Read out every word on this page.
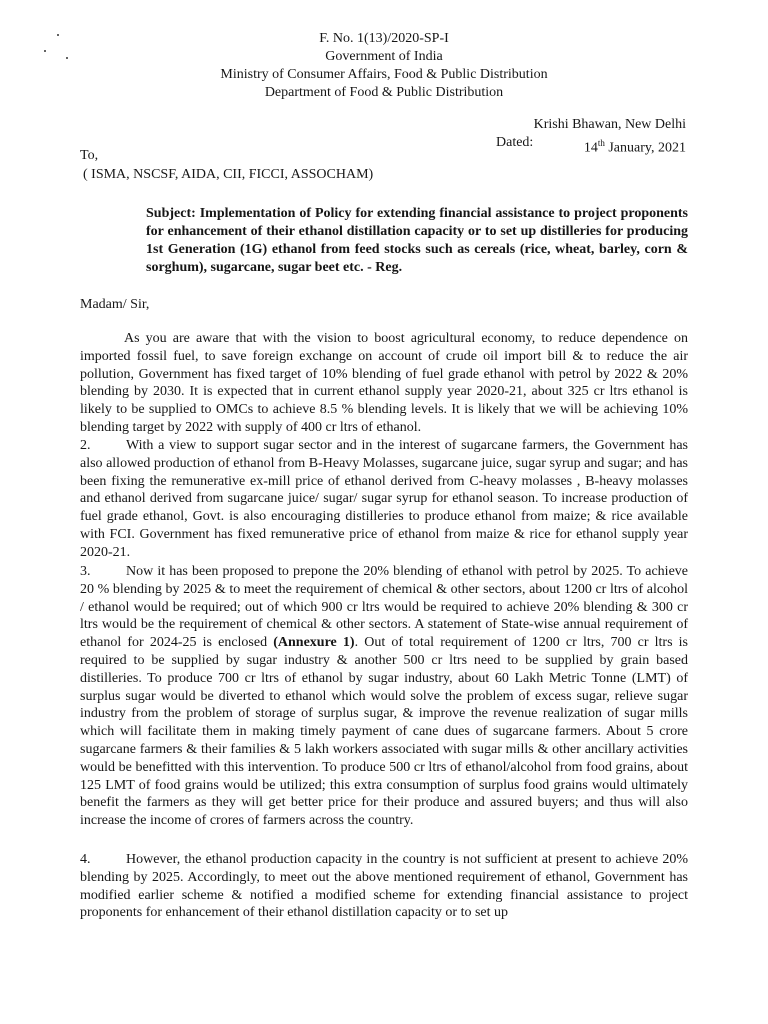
F. No. 1(13)/2020-SP-I
Government of India
Ministry of Consumer Affairs, Food & Public Distribution
Department of Food & Public Distribution
Krishi Bhawan, New Delhi
Dated:	14th January, 2021
To,
( ISMA, NSCSF, AIDA, CII, FICCI, ASSOCHAM)
Subject: Implementation of Policy for extending financial assistance to project proponents for enhancement of their ethanol distillation capacity or to set up distilleries for producing 1st Generation (1G) ethanol from feed stocks such as cereals (rice, wheat, barley, corn & sorghum), sugarcane, sugar beet etc. - Reg.
Madam/ Sir,

As you are aware that with the vision to boost agricultural economy, to reduce dependence on imported fossil fuel, to save foreign exchange on account of crude oil import bill & to reduce the air pollution, Government has fixed target of 10% blending of fuel grade ethanol with petrol by 2022 & 20% blending by 2030. It is expected that in current ethanol supply year 2020-21, about 325 cr ltrs ethanol is likely to be supplied to OMCs to achieve 8.5 % blending levels. It is likely that we will be achieving 10% blending target by 2022 with supply of 400 cr ltrs of ethanol.

2.	With a view to support sugar sector and in the interest of sugarcane farmers, the Government has also allowed production of ethanol from B-Heavy Molasses, sugarcane juice, sugar syrup and sugar; and has been fixing the remunerative ex-mill price of ethanol derived from C-heavy molasses , B-heavy molasses and ethanol derived from sugarcane juice/ sugar/ sugar syrup for ethanol season. To increase production of fuel grade ethanol, Govt. is also encouraging distilleries to produce ethanol from maize; & rice available with FCI. Government has fixed remunerative price of ethanol from maize & rice for ethanol supply year 2020-21.

3.	Now it has been proposed to prepone the 20% blending of ethanol with petrol by 2025. To achieve 20 % blending by 2025 & to meet the requirement of chemical & other sectors, about 1200 cr ltrs of alcohol / ethanol would be required; out of which 900 cr ltrs would be required to achieve 20% blending & 300 cr ltrs would be the requirement of chemical & other sectors. A statement of State-wise annual requirement of ethanol for 2024-25 is enclosed (Annexure 1). Out of total requirement of 1200 cr ltrs, 700 cr ltrs is required to be supplied by sugar industry & another 500 cr ltrs need to be supplied by grain based distilleries. To produce 700 cr ltrs of ethanol by sugar industry, about 60 Lakh Metric Tonne (LMT) of surplus sugar would be diverted to ethanol which would solve the problem of excess sugar, relieve sugar industry from the problem of storage of surplus sugar, & improve the revenue realization of sugar mills which will facilitate them in making timely payment of cane dues of sugarcane farmers. About 5 crore sugarcane farmers & their families & 5 lakh workers associated with sugar mills & other ancillary activities would be benefitted with this intervention. To produce 500 cr ltrs of ethanol/alcohol from food grains, about 125 LMT of food grains would be utilized; this extra consumption of surplus food grains would ultimately benefit the farmers as they will get better price for their produce and assured buyers; and thus will also increase the income of crores of farmers across the country.

4.	However, the ethanol production capacity in the country is not sufficient at present to achieve 20% blending by 2025. Accordingly, to meet out the above mentioned requirement of ethanol, Government has modified earlier scheme & notified a modified scheme for extending financial assistance to project proponents for enhancement of their ethanol distillation capacity or to set up
